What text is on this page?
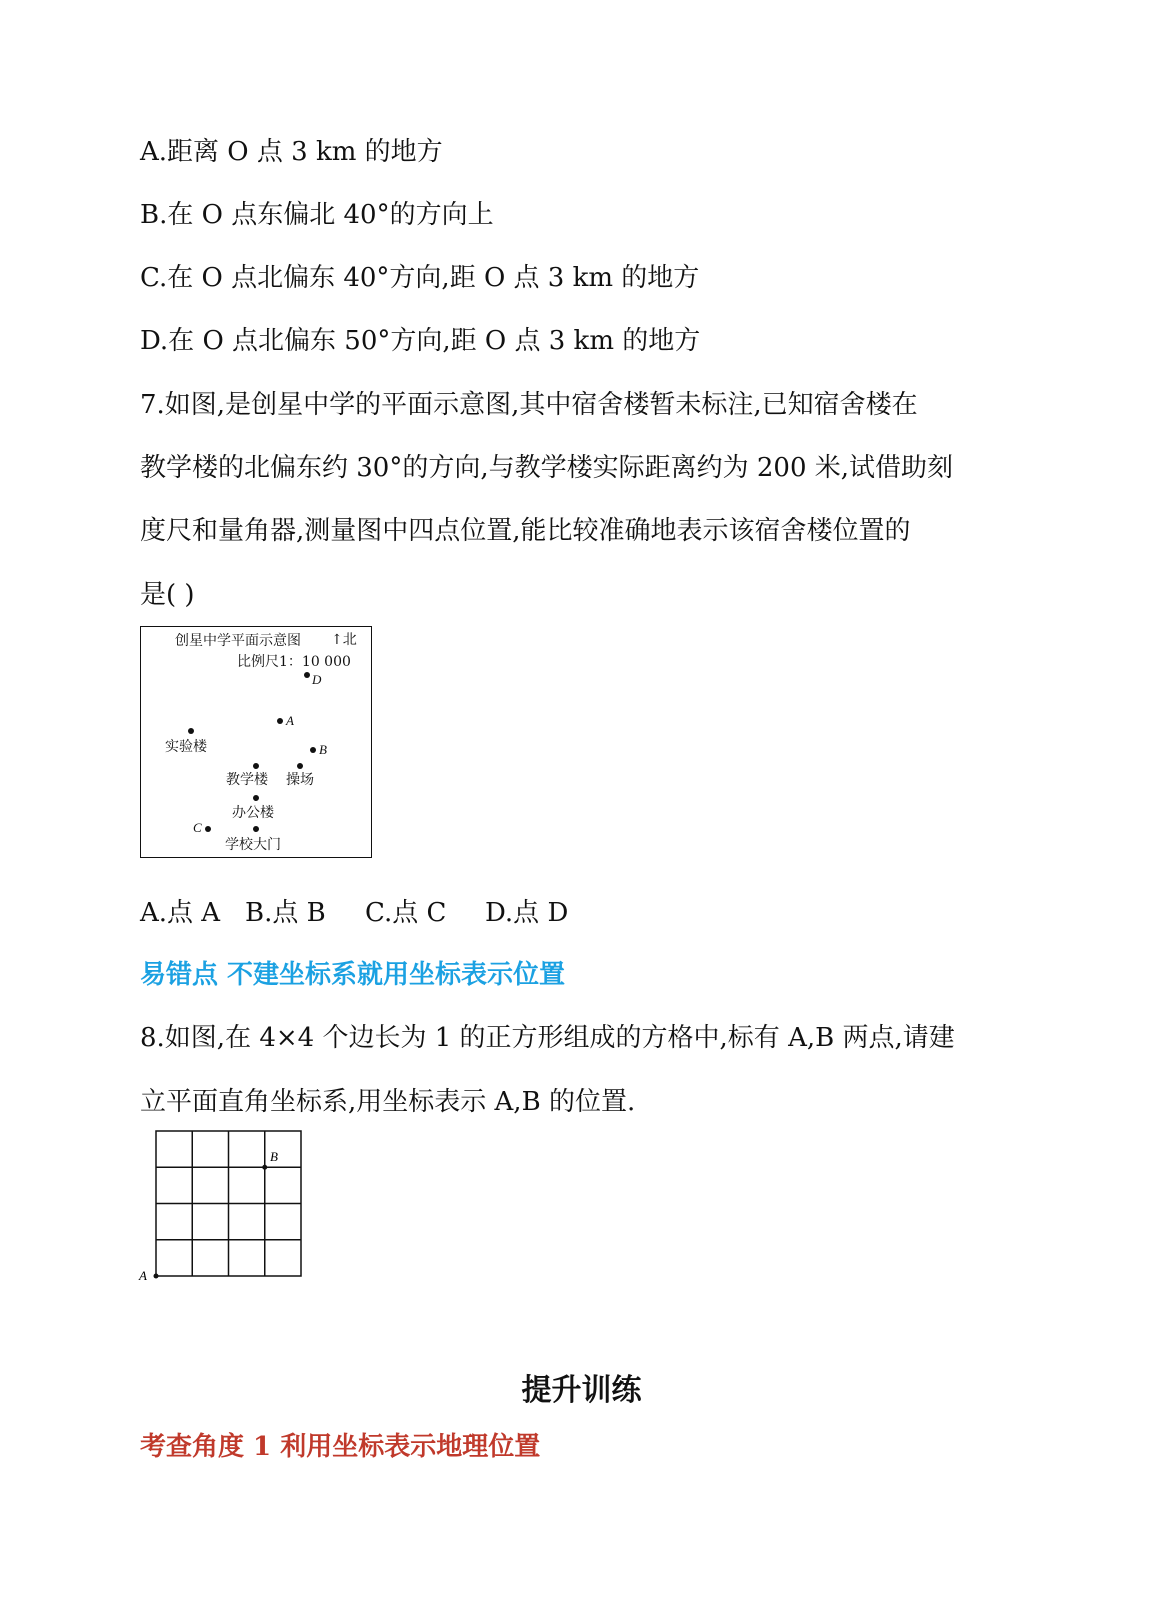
A.距离 O 点 3 km 的地方
B.在 O 点东偏北 40°的方向上
C.在 O 点北偏东 40°方向,距 O 点 3 km 的地方
D.在 O 点北偏东 50°方向,距 O 点 3 km 的地方
7.如图,是创星中学的平面示意图,其中宿舍楼暂未标注,已知宿舍楼在
教学楼的北偏东约 30°的方向,与教学楼实际距离约为 200 米,试借助刻
度尺和量角器,测量图中四点位置,能比较准确地表示该宿舍楼位置的
是( )
创星中学平面示意图 ↑北
比例尺1：10 000
D
A
实验楼	B
教学楼 操场
办公楼
C
学校大门
A.点 A B.点 B C.点 C D.点 D
易错点 不建坐标系就用坐标表示位置
8.如图,在 4×4 个边长为 1 的正方形组成的方格中,标有 A,B 两点,请建
立平面直角坐标系,用坐标表示 A,B 的位置.
B
A
提升训练
考查角度 1 利用坐标表示地理位置
